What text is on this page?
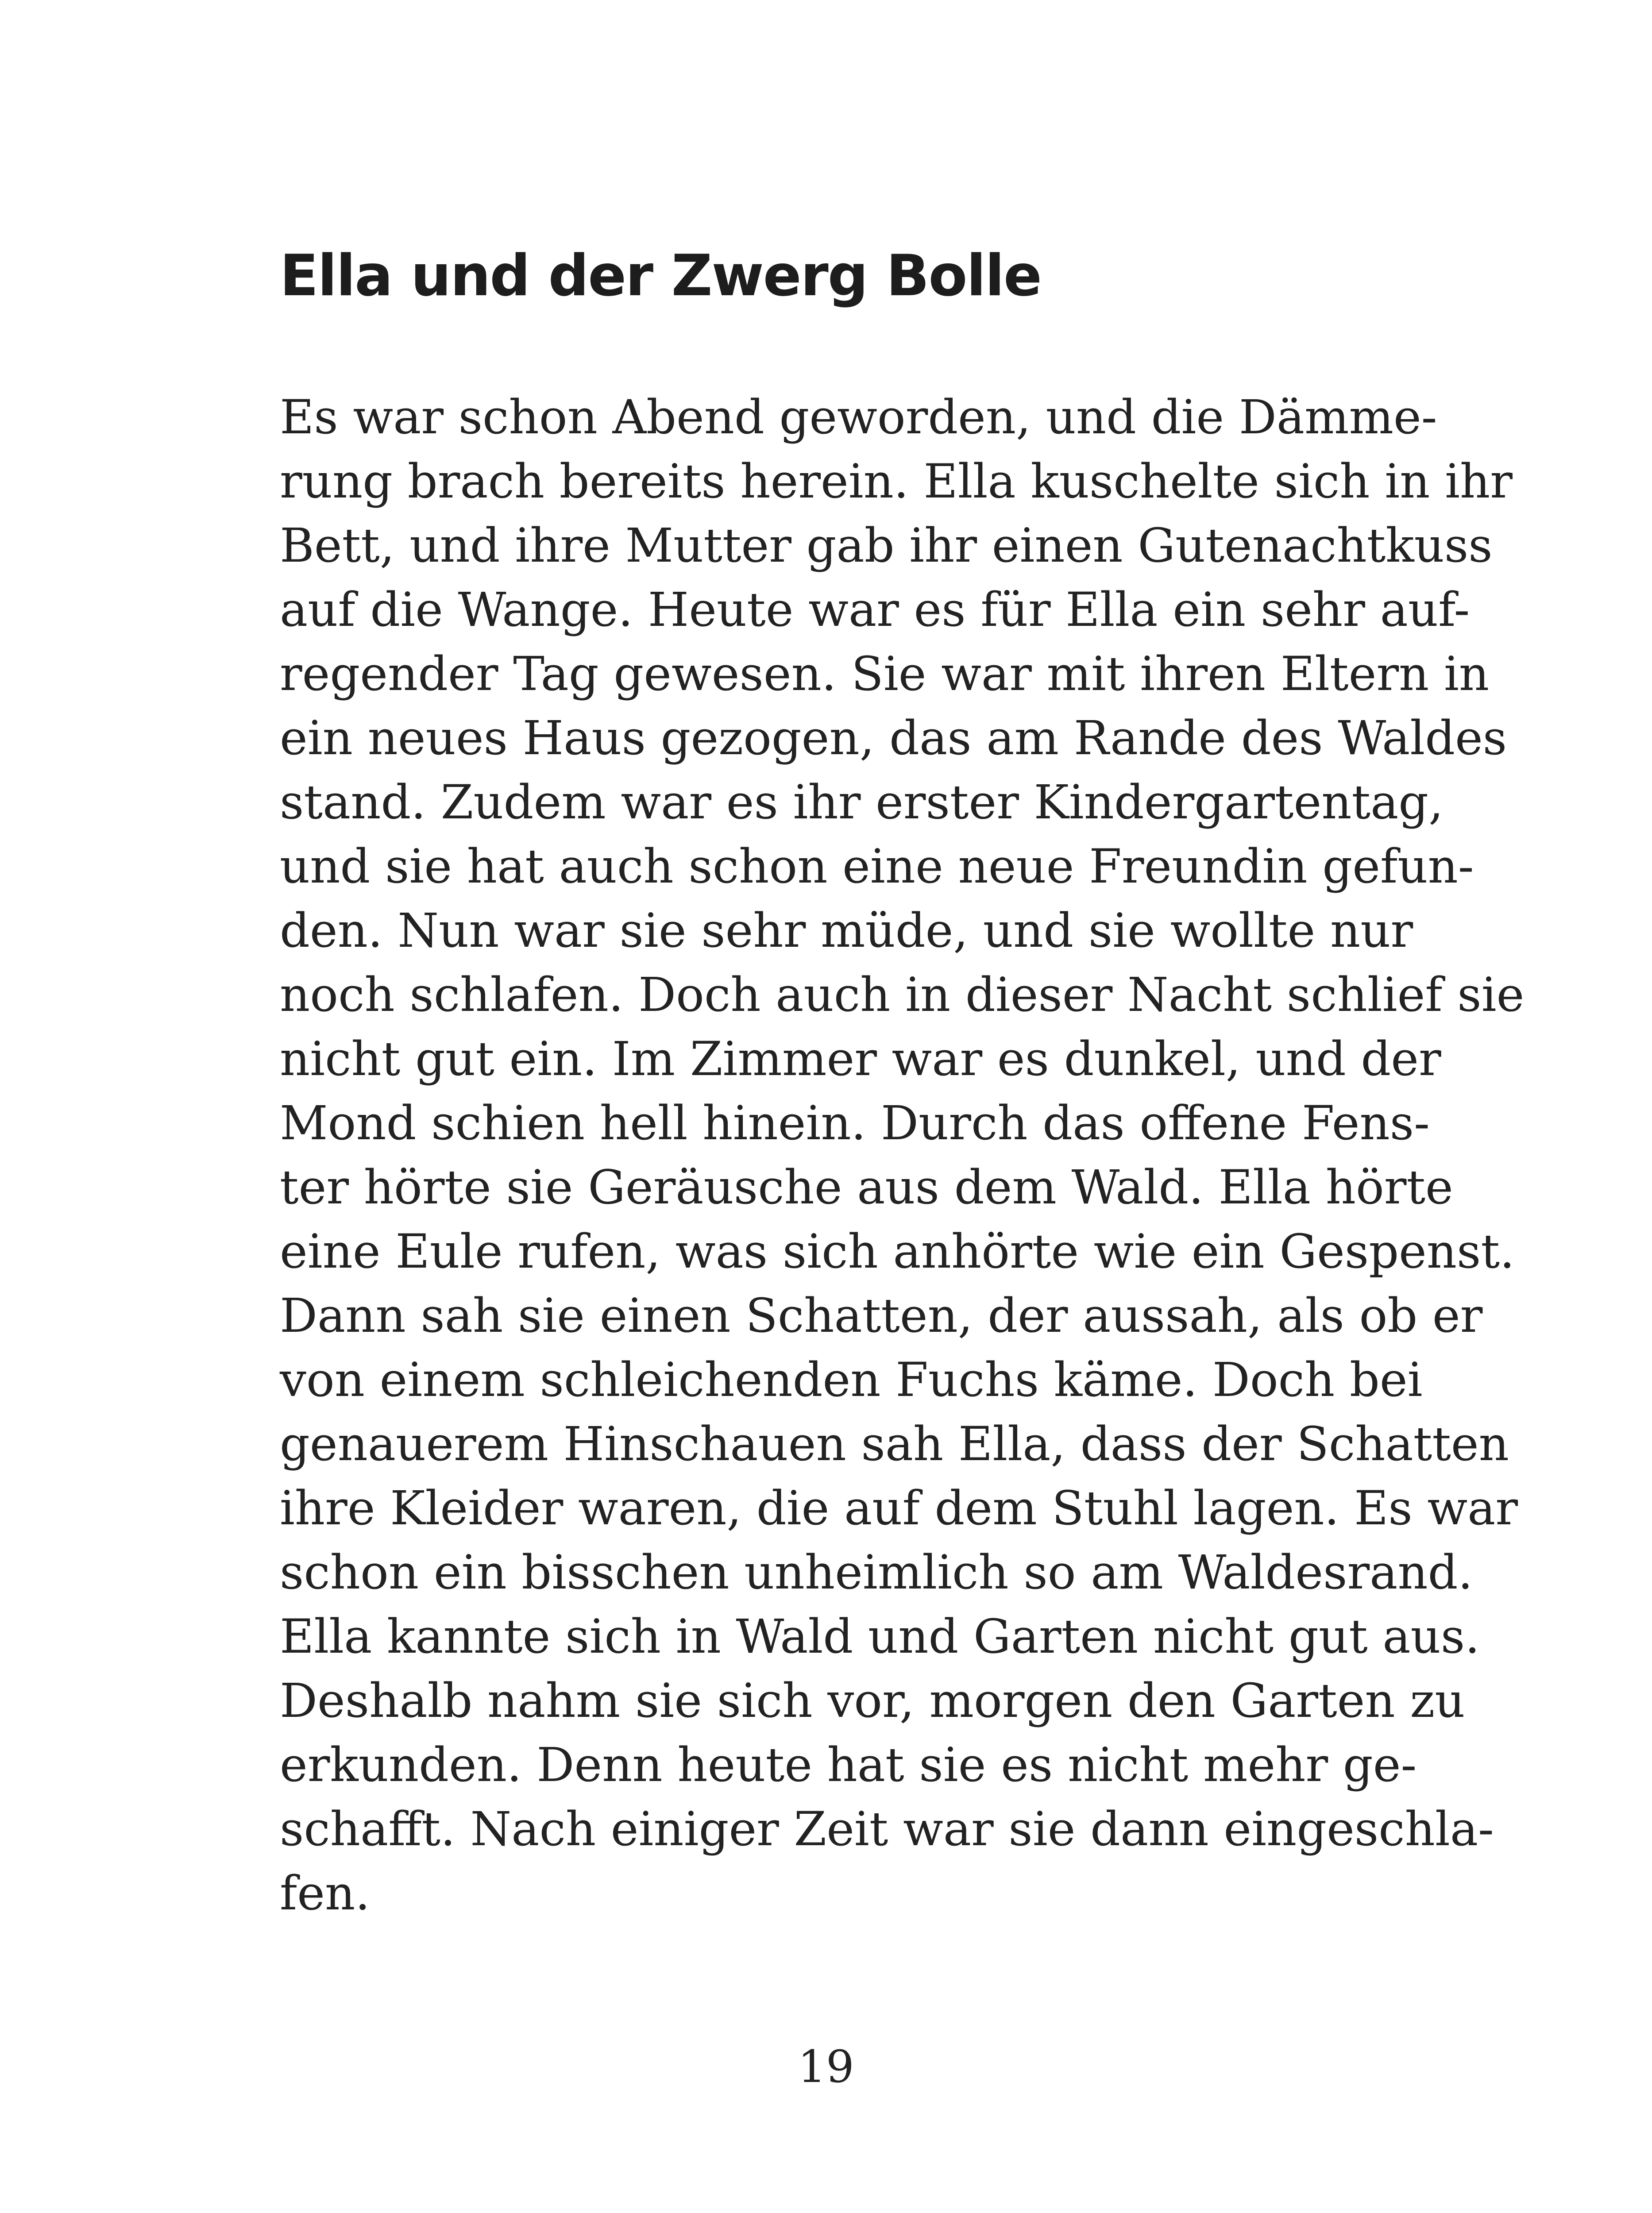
Ella und der Zwerg Bolle
Es war schon Abend geworden, und die Dämme-
rung brach bereits herein. Ella kuschelte sich in ihr
Bett, und ihre Mutter gab ihr einen Gutenachtkuss
auf die Wange. Heute war es für Ella ein sehr auf-
regender Tag gewesen. Sie war mit ihren Eltern in
ein neues Haus gezogen, das am Rande des Waldes
stand. Zudem war es ihr erster Kindergartentag,
und sie hat auch schon eine neue Freundin gefun-
den. Nun war sie sehr müde, und sie wollte nur
noch schlafen. Doch auch in dieser Nacht schlief sie
nicht gut ein. Im Zimmer war es dunkel, und der
Mond schien hell hinein. Durch das offene Fens-
ter hörte sie Geräusche aus dem Wald. Ella hörte
eine Eule rufen, was sich anhörte wie ein Gespenst.
Dann sah sie einen Schatten, der aussah, als ob er
von einem schleichenden Fuchs käme. Doch bei
genauerem Hinschauen sah Ella, dass der Schatten
ihre Kleider waren, die auf dem Stuhl lagen. Es war
schon ein bisschen unheimlich so am Waldesrand.
Ella kannte sich in Wald und Garten nicht gut aus.
Deshalb nahm sie sich vor, morgen den Garten zu
erkunden. Denn heute hat sie es nicht mehr ge-
schafft. Nach einiger Zeit war sie dann eingeschla-
fen.
19
